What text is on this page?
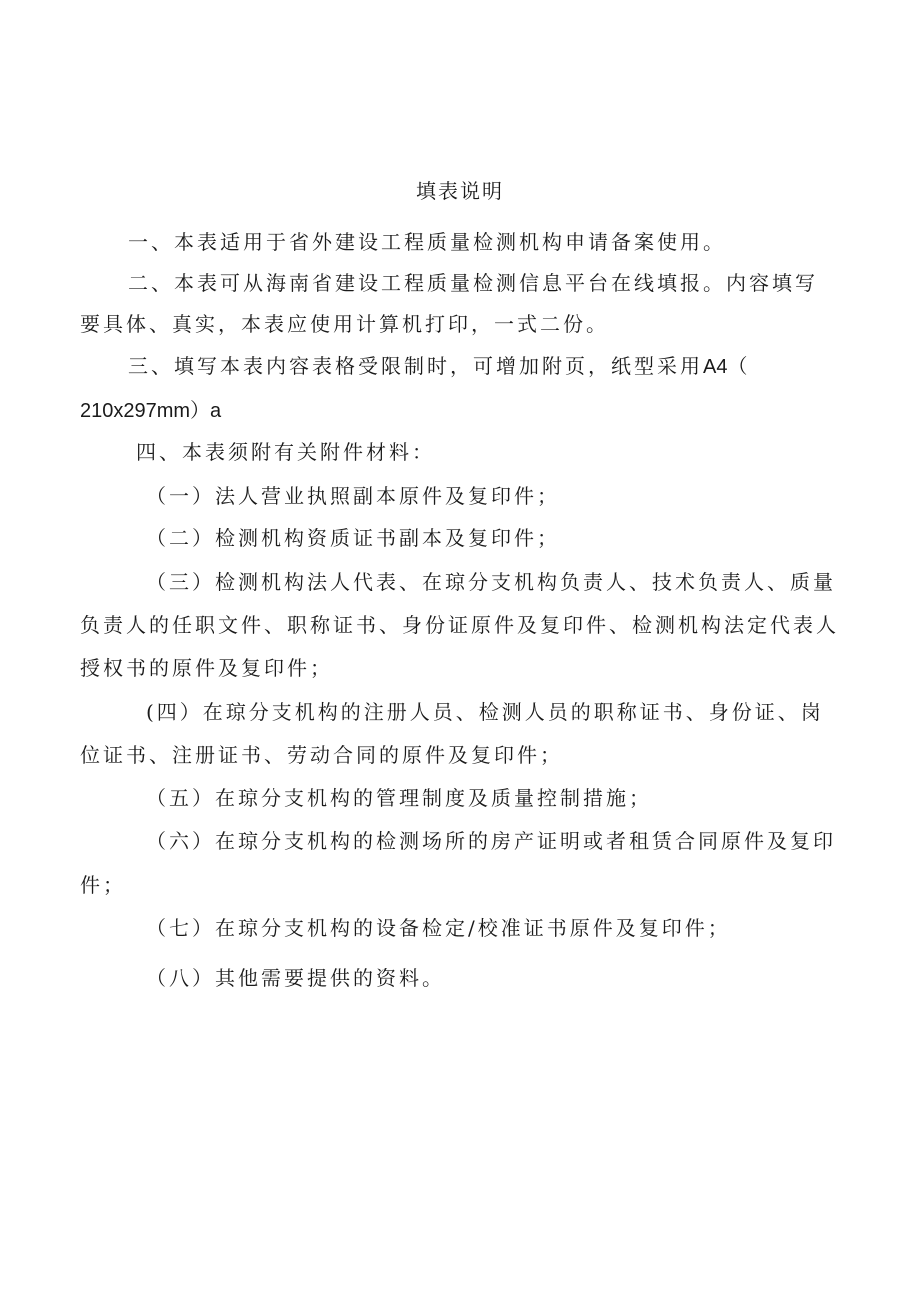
填表说明
一、本表适用于省外建设工程质量检测机构申请备案使用。
二、本表可从海南省建设工程质量检测信息平台在线填报。内容填写
要具体、真实，本表应使用计算机打印，一式二份。
三、填写本表内容表格受限制时，可增加附页，纸型采用A4（
210x297mm）a
四、本表须附有关附件材料：
（一）法人营业执照副本原件及复印件；
（二）检测机构资质证书副本及复印件；
（三）检测机构法人代表、在琼分支机构负责人、技术负责人、质量
负责人的任职文件、职称证书、身份证原件及复印件、检测机构法定代表人
授权书的原件及复印件；
(四）在琼分支机构的注册人员、检测人员的职称证书、身份证、岗
位证书、注册证书、劳动合同的原件及复印件；
（五）在琼分支机构的管理制度及质量控制措施；
（六）在琼分支机构的检测场所的房产证明或者租赁合同原件及复印
件；
（七）在琼分支机构的设备检定/校准证书原件及复印件；
（八）其他需要提供的资料。
